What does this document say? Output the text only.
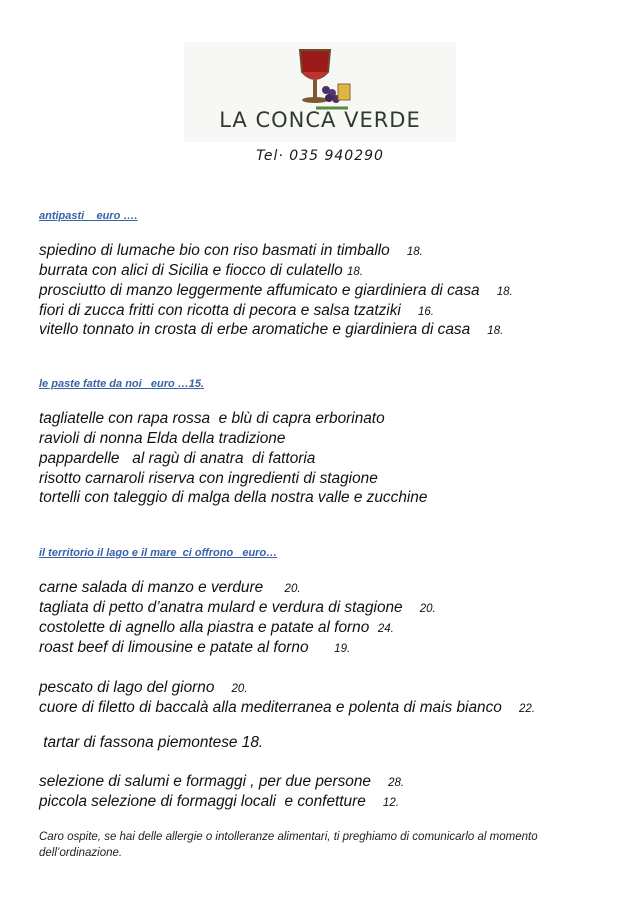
LA CONCA VERDE
Tel· 035 940290
antipasti    euro ….
spiedino di lumache bio con riso basmati in timballo 18.
burrata con alici di Sicilia e fiocco di culatello 18.
prosciutto di manzo leggermente affumicato e giardiniera di casa 18.
fiori di zucca fritti con ricotta di pecora e salsa tzatziki 16.
vitello tonnato in crosta di erbe aromatiche e giardiniera di casa 18.
le paste fatte da noi   euro …15.
tagliatelle con rapa rossa  e blù di capra erborinato
ravioli di nonna Elda della tradizione
pappardelle   al ragù di anatra  di fattoria
risotto carnaroli riserva con ingredienti di stagione
tortelli con taleggio di malga della nostra valle e zucchine
il territorio il lago e il mare  ci offrono   euro…
carne salada di manzo e verdure 20.
tagliata di petto d’anatra mulard e verdura di stagione 20.
costolette di agnello alla piastra e patate al forno 24.
roast beef di limousine e patate al forno 19.
pescato di lago del giorno 20.
cuore di filetto di baccalà alla mediterranea e polenta di mais bianco 22.
tartar di fassona piemontese 18.
selezione di salumi e formaggi , per due persone 28.
piccola selezione di formaggi locali  e confetture 12.
Caro ospite, se hai delle allergie o intolleranze alimentari, ti preghiamo di comunicarlo al momento dell’ordinazione.
